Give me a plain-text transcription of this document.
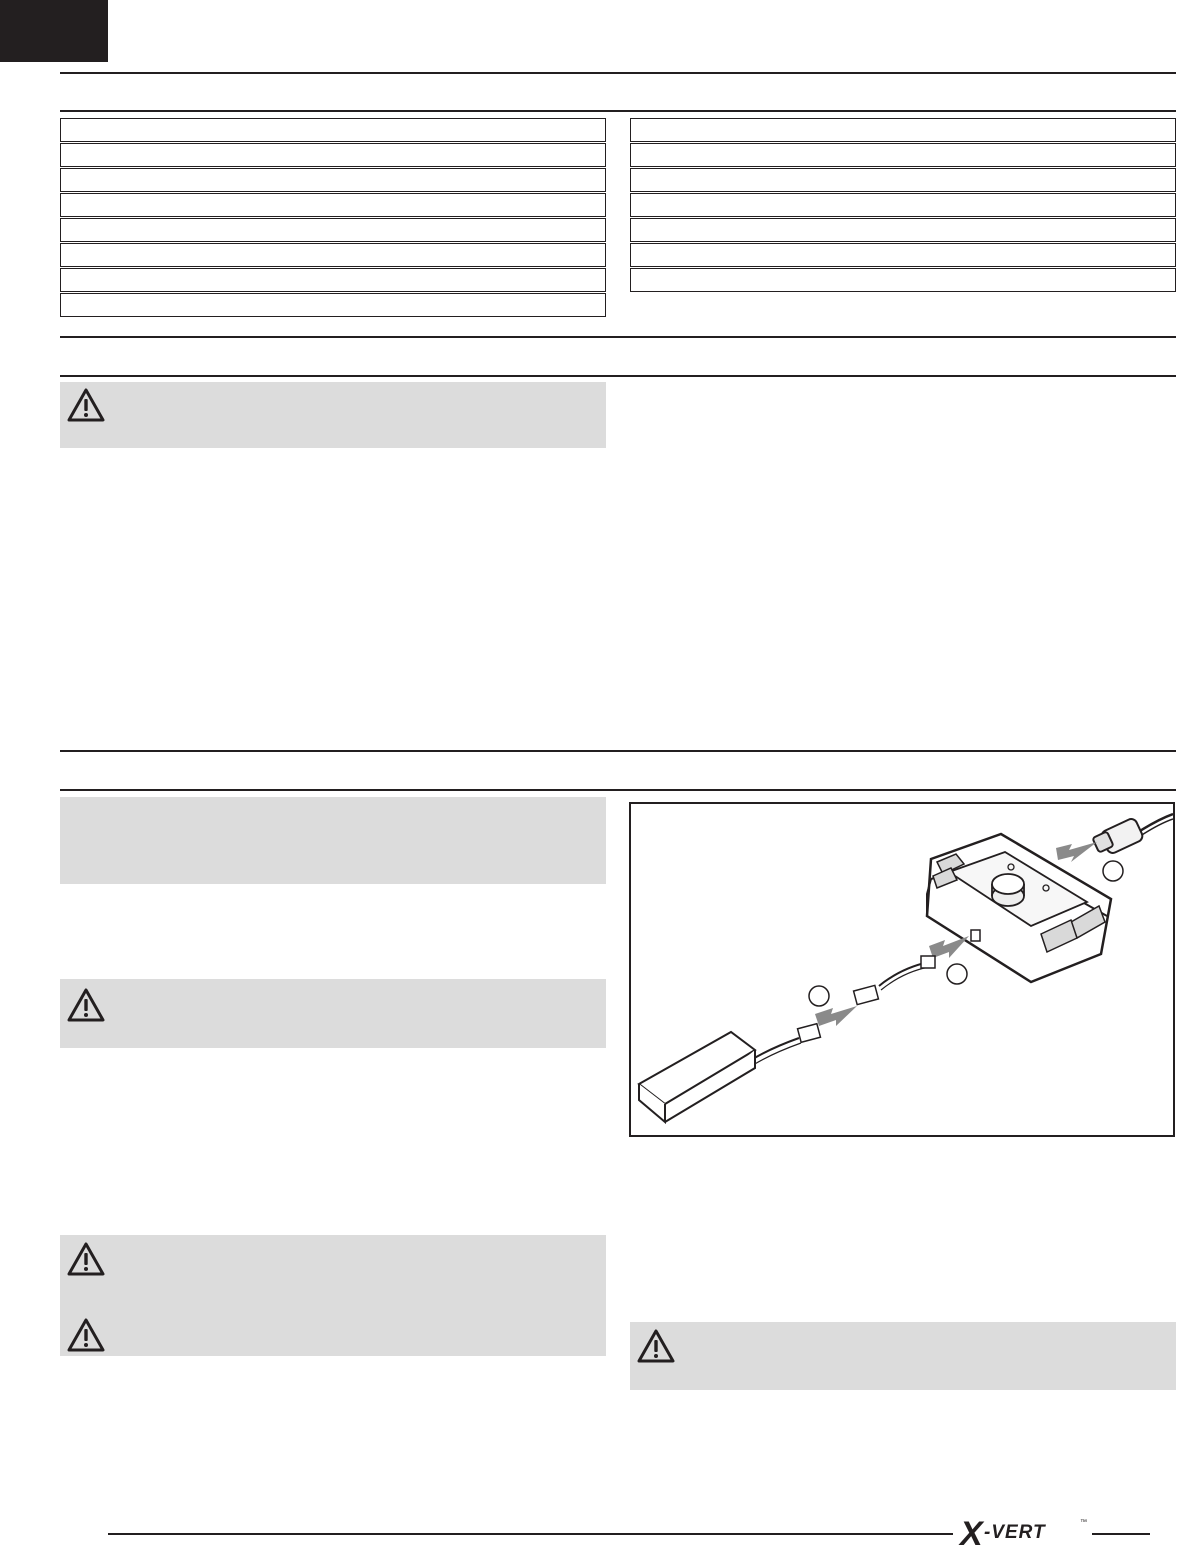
X -VERT	™
